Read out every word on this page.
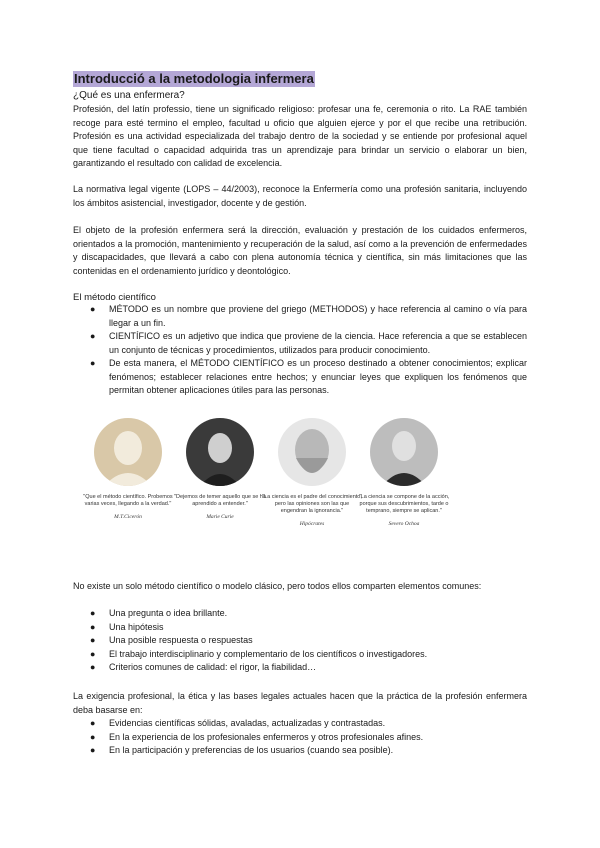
Introducció a la metodologia infermera
¿Qué es una enfermera?

Profesión, del latín professio, tiene un significado religioso: profesar una fe, ceremonia o rito. La RAE también recoge para esté termino el empleo, facultad u oficio que alguien ejerce y por el que recibe una retribución. Profesión es una actividad especializada del trabajo dentro de la sociedad y se entiende por profesional aquel que tiene facultad o capacidad adquirida tras un aprendizaje para brindar un servicio o elaborar un bien, garantizando el resultado con calidad de excelencia.

La normativa legal vigente (LOPS – 44/2003), reconoce la Enfermería como una profesión sanitaria, incluyendo los ámbitos asistencial, investigador, docente y de gestión.

El objeto de la profesión enfermera será la dirección, evaluación y prestación de los cuidados enfermeros, orientados a la promoción, mantenimiento y recuperación de la salud, así como a la prevención de enfermedades y discapacidades, que llevará a cabo con plena autonomía técnica y científica, sin más limitaciones que las contenidas en el ordenamiento jurídico y deontológico.

El método científico
● MÉTODO es un nombre que proviene del griego (METHODOS) y hace referencia al camino o vía para llegar a un fin.
● CIENTÍFICO es un adjetivo que indica que proviene de la ciencia. Hace referencia a que se establecen un conjunto de técnicas y procedimientos, utilizados para producir conocimiento.
● De esta manera, el MÉTODO CIENTÍFICO es un proceso destinado a obtener conocimientos; explicar fenómenos; establecer relaciones entre hechos; y enunciar leyes que expliquen los fenómenos que permitan obtener aplicaciones útiles para las personas.
"Que el método científico. Probemos varias veces, llegando a la verdad."
M.T.Cicerón
"Dejemos de temer aquello que se ha aprendido a entender."
Marie Curie
"La ciencia es el padre del conocimiento, pero las opiniones son las que engendran la ignorancia."
Hipócrates
"La ciencia se compone de la acción, porque sus descubrimientos, tarde o temprano, siempre se aplican."
Severo Ochoa

No existe un solo método científico o modelo clásico, pero todos ellos comparten elementos comunes:

● Una pregunta o idea brillante.
● Una hipótesis
● Una posible respuesta o respuestas
● El trabajo interdisciplinario y complementario de los científicos o investigadores.
● Criterios comunes de calidad: el rigor, la fiabilidad…

La exigencia profesional, la ética y las bases legales actuales hacen que la práctica de la profesión enfermera deba basarse en:

● Evidencias científicas sólidas, avaladas, actualizadas y contrastadas.
● En la experiencia de los profesionales enfermeros y otros profesionales afines.
● En la participación y preferencias de los usuarios (cuando sea posible).
